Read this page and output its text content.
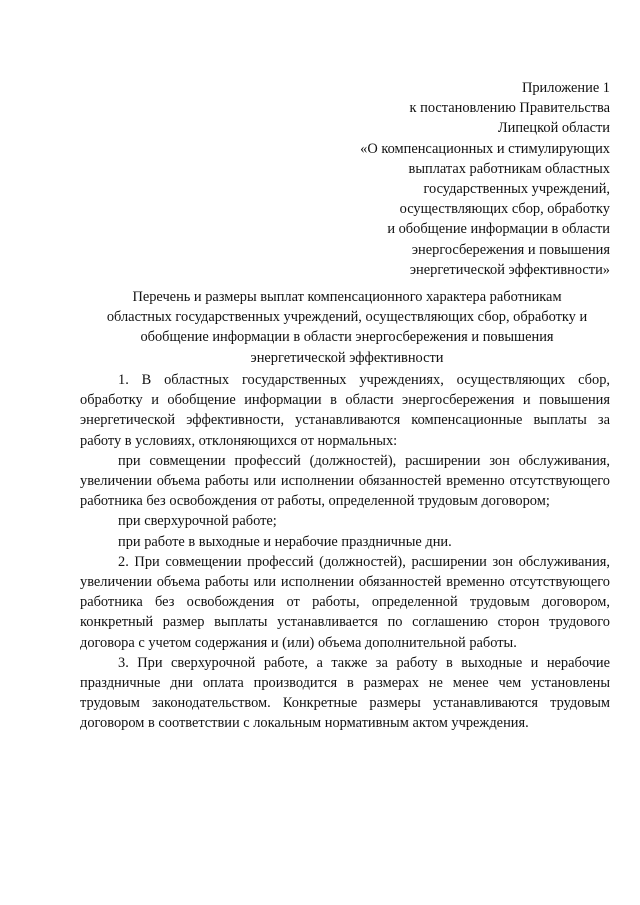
Приложение 1
к постановлению Правительства
Липецкой области
«О компенсационных и стимулирующих
выплатах работникам областных
государственных учреждений,
осуществляющих сбор, обработку
и обобщение информации в области
энергосбережения и повышения
энергетической эффективности»
Перечень и размеры выплат компенсационного характера работникам
областных государственных учреждений, осуществляющих сбор, обработку и
обобщение информации в области энергосбережения и повышения
энергетической эффективности

1. В областных государственных учреждениях, осуществляющих сбор, обработку и обобщение информации в области энергосбережения и повышения энергетической эффективности, устанавливаются компенсационные выплаты за работу в условиях, отклоняющихся от нормальных:

при совмещении профессий (должностей), расширении зон обслуживания, увеличении объема работы или исполнении обязанностей временно отсутствующего работника без освобождения от работы, определенной трудовым договором;

при сверхурочной работе;

при работе в выходные и нерабочие праздничные дни.

2. При совмещении профессий (должностей), расширении зон обслуживания, увеличении объема работы или исполнении обязанностей временно отсутствующего работника без освобождения от работы, определенной трудовым договором, конкретный размер выплаты устанавливается по соглашению сторон трудового договора с учетом содержания и (или) объема дополнительной работы.

3. При сверхурочной работе, а также за работу в выходные и нерабочие праздничные дни оплата производится в размерах не менее чем установлены трудовым законодательством. Конкретные размеры устанавливаются трудовым договором в соответствии с локальным нормативным актом учреждения.
